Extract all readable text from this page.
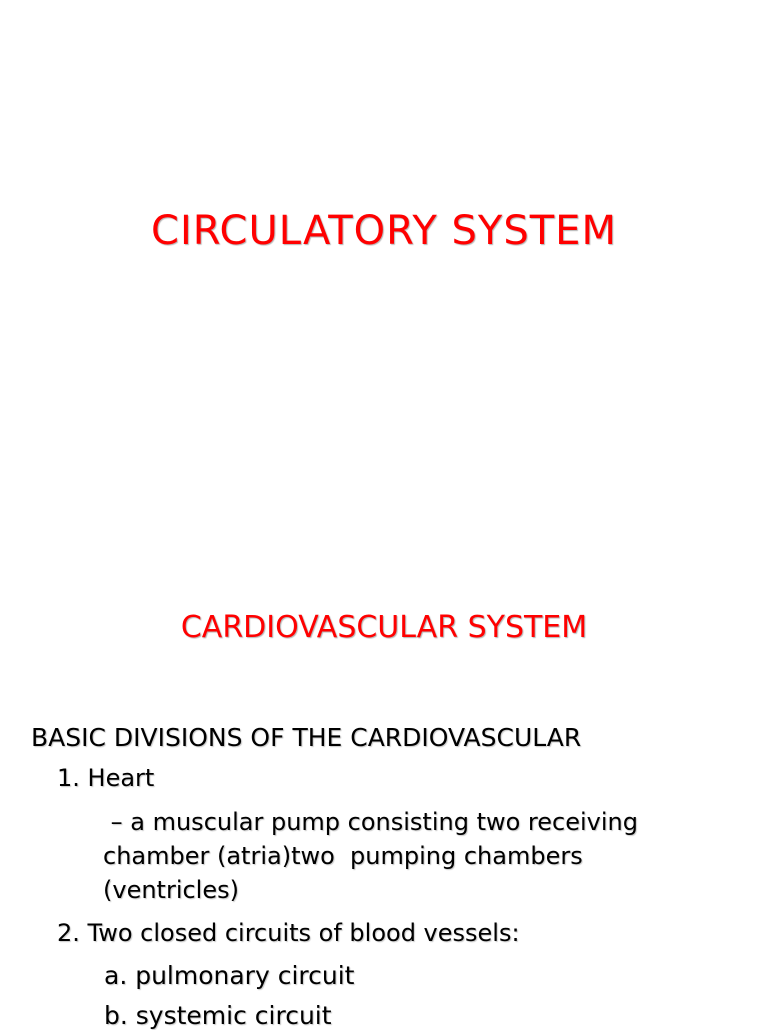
CIRCULATORY SYSTEM
CARDIOVASCULAR SYSTEM
BASIC DIVISIONS OF THE CARDIOVASCULAR
1. Heart
– a muscular pump consisting two receiving
chamber (atria)two  pumping chambers
(ventricles)
2. Two closed circuits of blood vessels:
a. pulmonary circuit
b. systemic circuit
